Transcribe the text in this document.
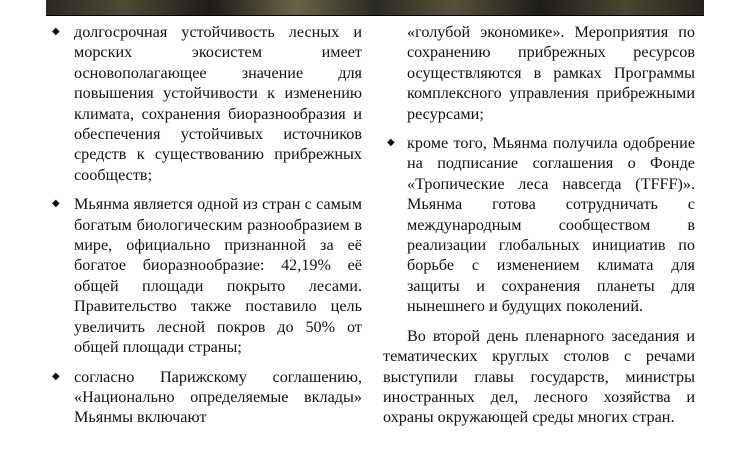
◆ долгосрочная устойчивость лесных и морских экосистем имеет основополагающее значение для повышения устойчивости к изменению климата, сохранения биоразнообразия и обеспечения устойчивых источников средств к существованию прибрежных сообществ;
◆ Мьянма является одной из стран с самым богатым биологическим разнообразием в мире, официально признанной за её богатое биоразнообразие: 42,19% её общей площади покрыто лесами. Правительство также поставило цель увеличить лесной покров до 50% от общей площади страны;
◆ согласно Парижскому соглашению, «Национально определяемые вклады» Мьянмы включают

«голубой экономике». Мероприятия по сохранению прибрежных ресурсов осуществляются в рамках Программы комплексного управления прибрежными ресурсами;

◆ кроме того, Мьянма получила одобрение на подписание соглашения о Фонде «Тропические леса навсегда (TFFF)». Мьянма готова сотрудничать с международным сообществом в реализации глобальных инициатив по борьбе с изменением климата для защиты и сохранения планеты для нынешнего и будущих поколений.

Во второй день пленарного заседания и тематических круглых столов с речами выступили главы государств, министры иностранных дел, лесного хозяйства и охраны окружающей среды многих стран.
